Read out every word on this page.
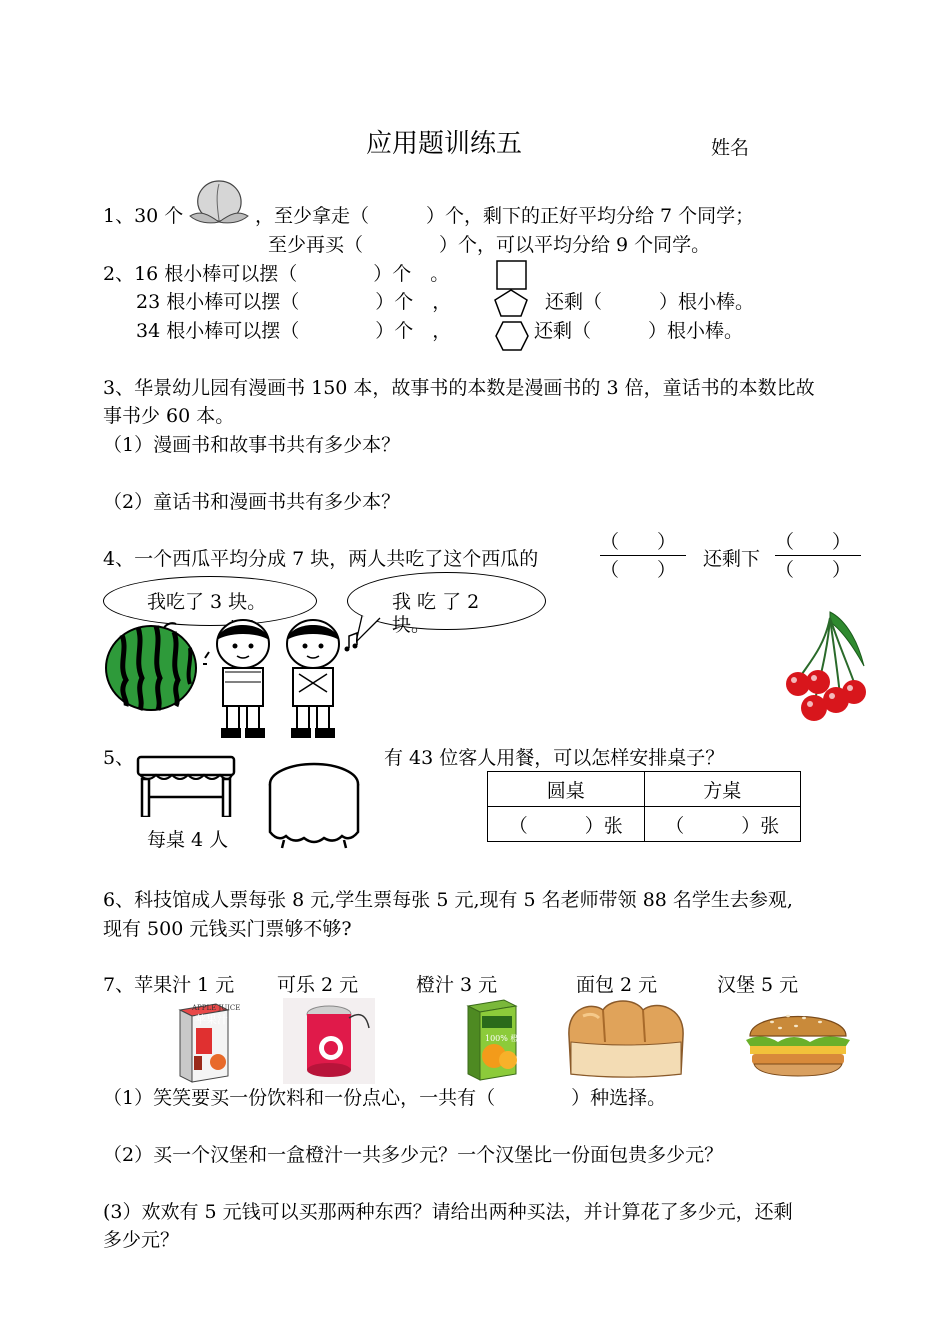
应用题训练五	姓名
1、30 个	，至少拿走（　　　）个，剩下的正好平均分给 7 个同学；
至少再买（　　　　）个，可以平均分给 9 个同学。
2、16 根小棒可以摆（　　　　）个　。
23 根小棒可以摆（　　　　）个　，	还剩（　　　）根小棒。
34 根小棒可以摆（　　　　）个　，	还剩（　　　）根小棒。
3、华景幼儿园有漫画书 150 本，故事书的本数是漫画书的 3 倍，童话书的本数比故
事书少 60 本。
（1）漫画书和故事书共有多少本？
（2）童话书和漫画书共有多少本？
4、一个西瓜平均分成 7 块，两人共吃了这个西瓜的
（　　）
（　　）	还剩下
（　　）
（　　）
我吃了 3 块。	我 吃 了 2
块。
5、
每桌 4 人
有 43 位客人用餐，可以怎样安排桌子？
圆桌	方桌
（　　　）张	（　　　）张
6、科技馆成人票每张 8 元,学生票每张 5 元,现有 5 名老师带领 88 名学生去参观,
现有 500 元钱买门票够不够?
7、苹果汁 1 元 可乐 2 元	橙汁 3 元	面包 2 元	汉堡 5 元
苹果汁
APPLE JUICE
100% 橙汁
（1）笑笑要买一份饮料和一份点心，一共有（　　　　）种选择。
（2）买一个汉堡和一盒橙汁一共多少元？一个汉堡比一份面包贵多少元？
(3）欢欢有 5 元钱可以买那两种东西？请给出两种买法，并计算花了多少元，还剩
多少元？
